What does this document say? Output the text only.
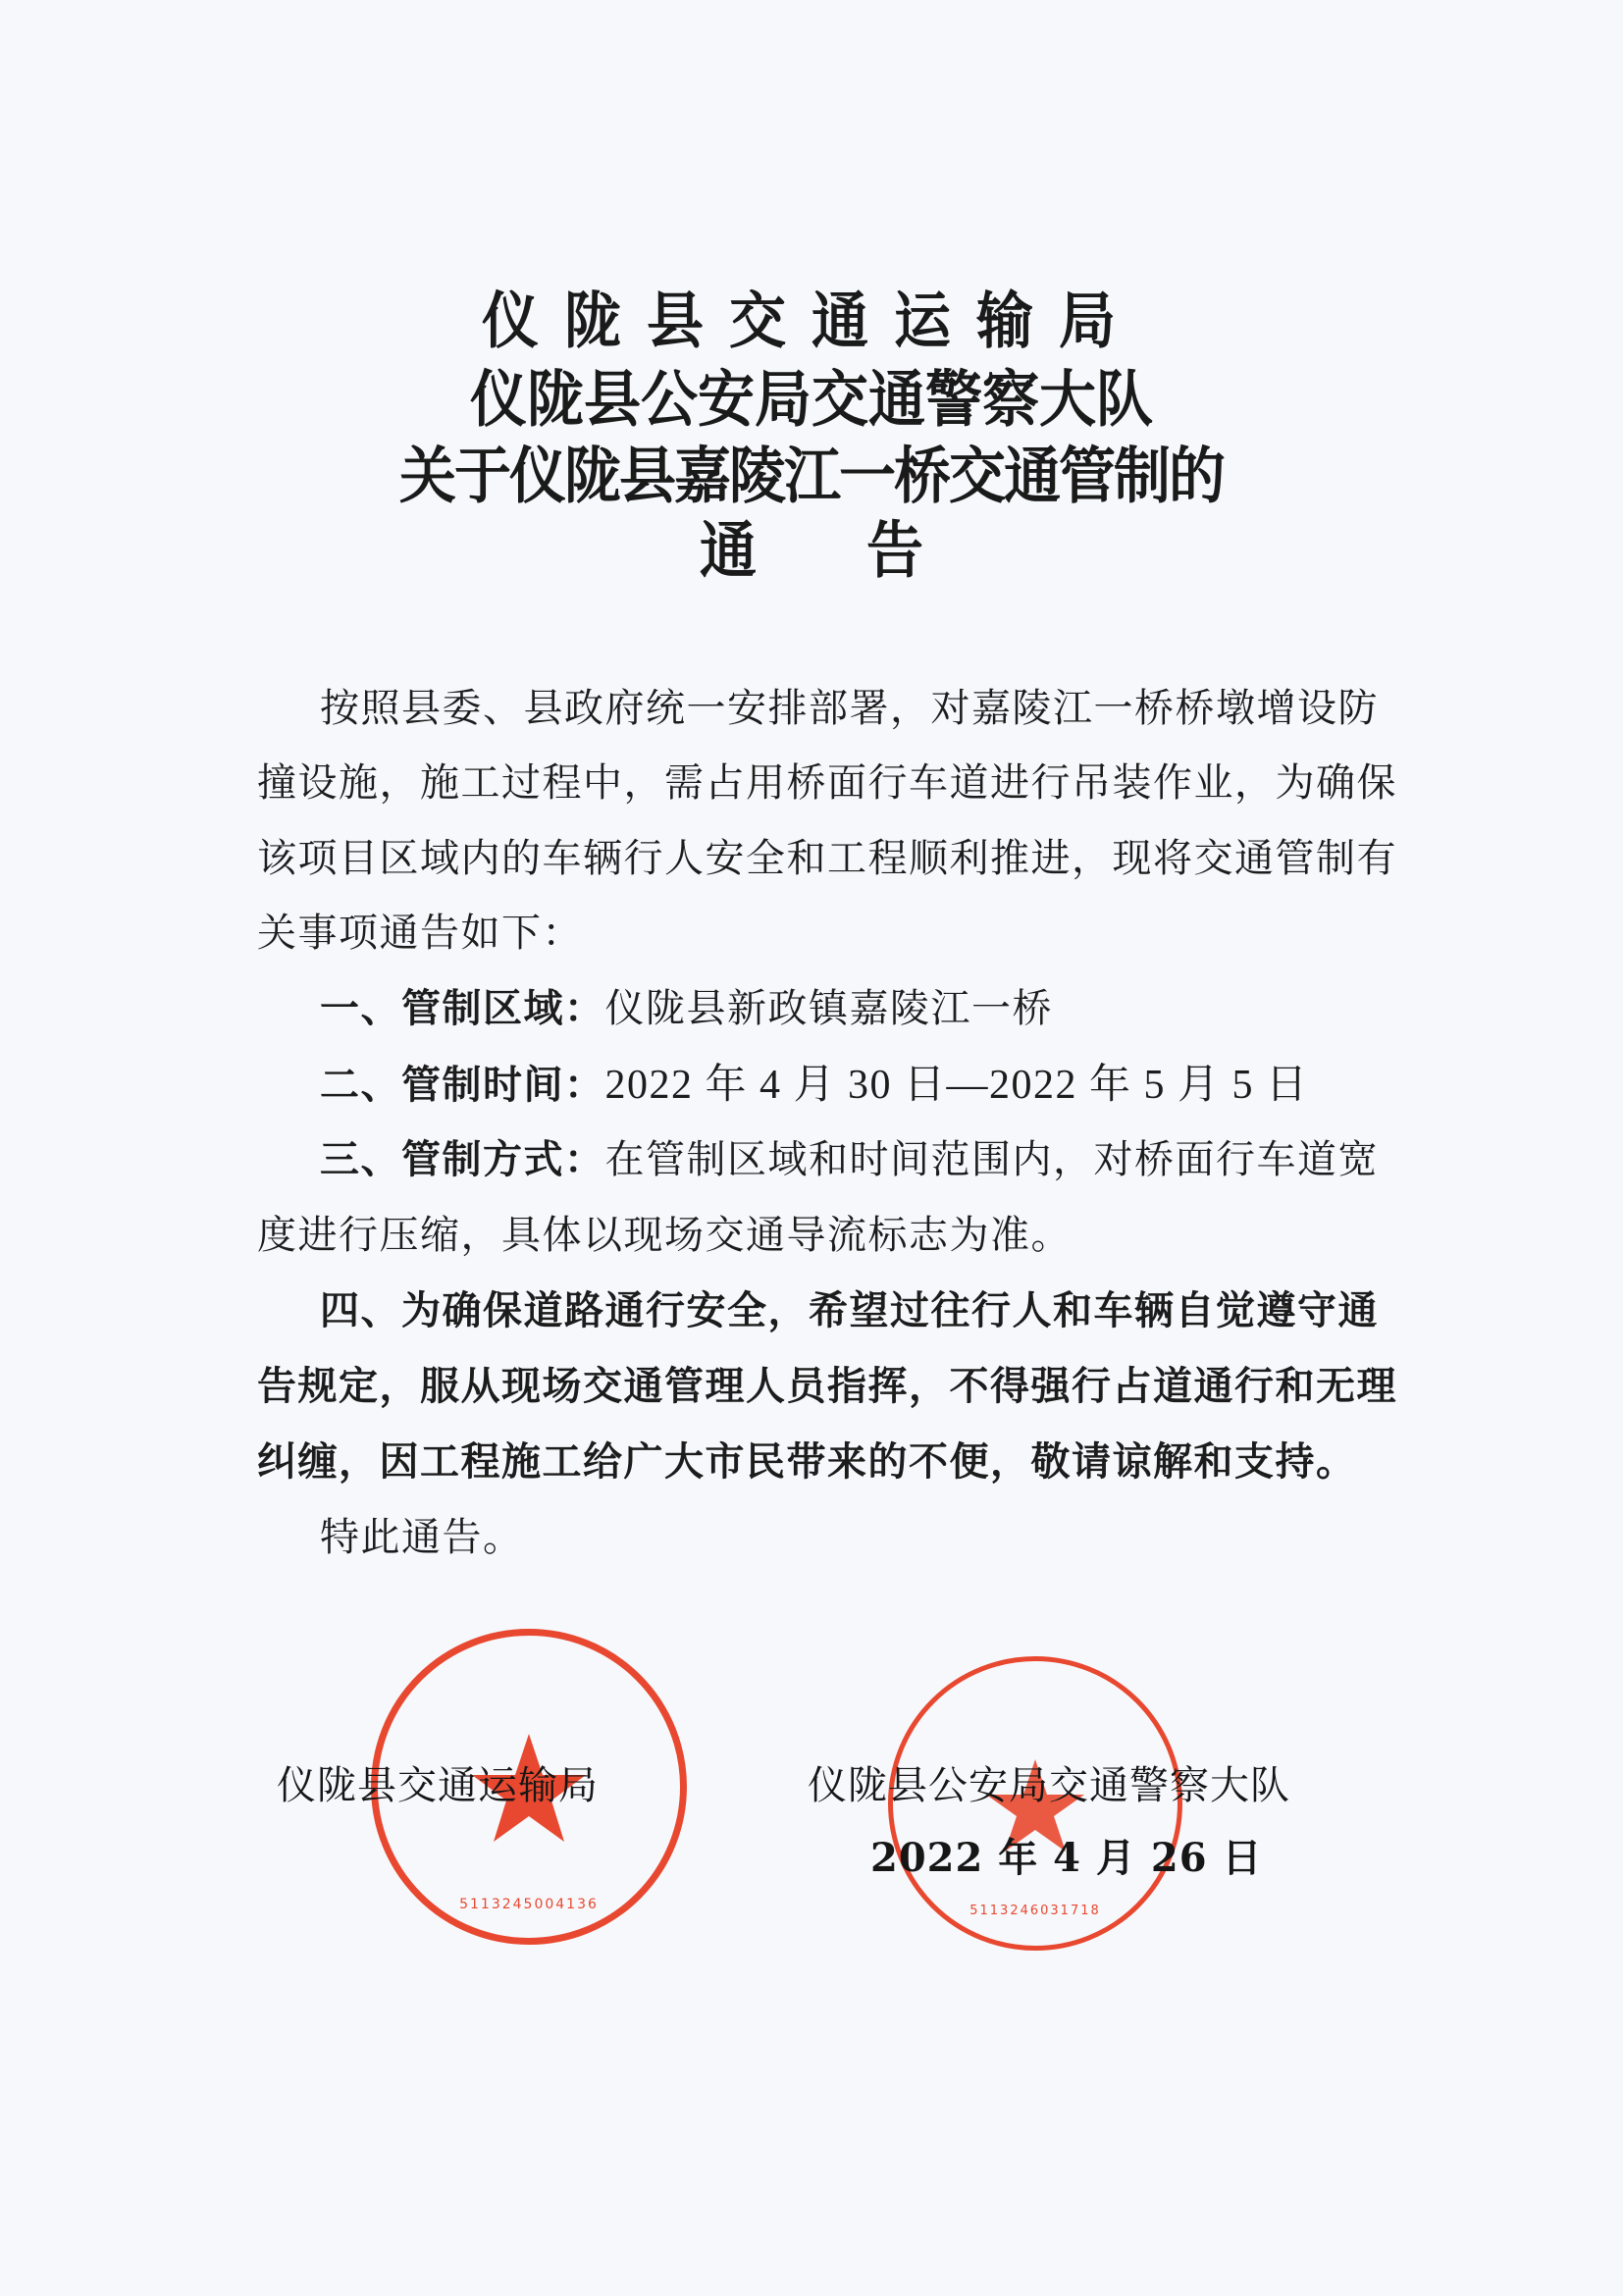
仪陇县交通运输局
仪陇县公安局交通警察大队
关于仪陇县嘉陵江一桥交通管制的
通告
按照县委、县政府统一安排部署，对嘉陵江一桥桥墩增设防
撞设施，施工过程中，需占用桥面行车道进行吊装作业，为确保
该项目区域内的车辆行人安全和工程顺利推进，现将交通管制有
关事项通告如下：
一、管制区域：仪陇县新政镇嘉陵江一桥
二、管制时间：2022 年 4 月 30 日—2022 年 5 月 5 日
三、管制方式：在管制区域和时间范围内，对桥面行车道宽
度进行压缩，具体以现场交通导流标志为准。
四、为确保道路通行安全，希望过往行人和车辆自觉遵守通
告规定，服从现场交通管理人员指挥，不得强行占道通行和无理
纠缠，因工程施工给广大市民带来的不便，敬请谅解和支持。
特此通告。
5113245004136	5113246031718
仪陇县交通运输局	仪陇县公安局交通警察大队
2022 年 4 月 26 日
